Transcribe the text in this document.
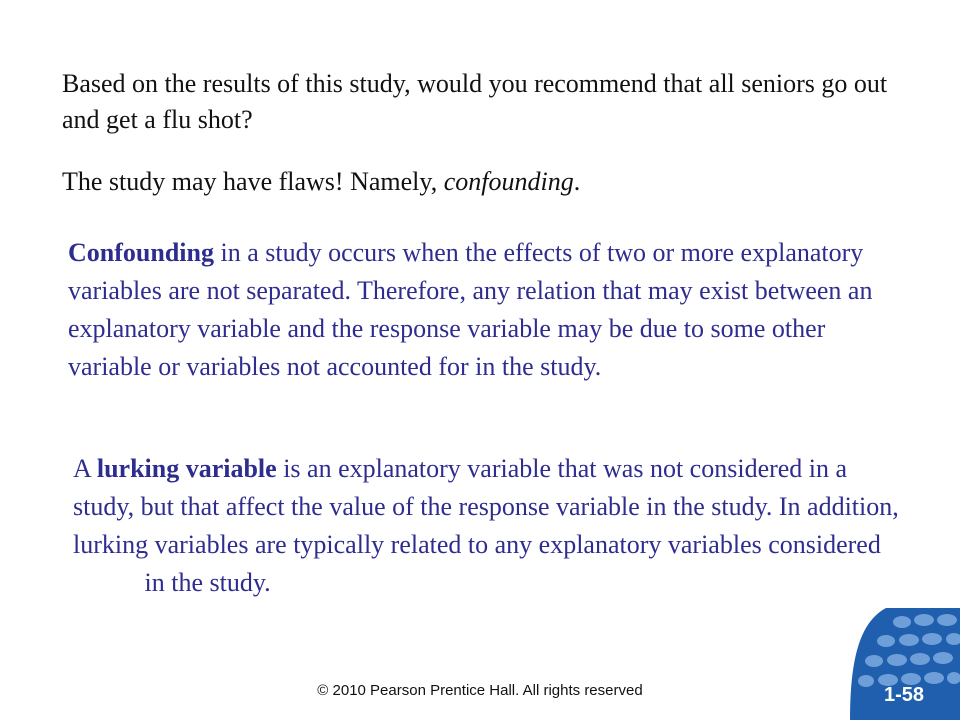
Based on the results of this study, would you recommend that all seniors go out and get a flu shot?

The study may have flaws! Namely, confounding.

Confounding in a study occurs when the effects of two or more explanatory variables are not separated. Therefore, any relation that may exist between an explanatory variable and the response variable may be due to some other variable or variables not accounted for in the study.

A lurking variable is an explanatory variable that was not considered in a study, but that affect the value of the response variable in the study. In addition, lurking variables are typically related to any explanatory variables considered            in the study.

© 2010 Pearson Prentice Hall. All rights reserved	1-58
